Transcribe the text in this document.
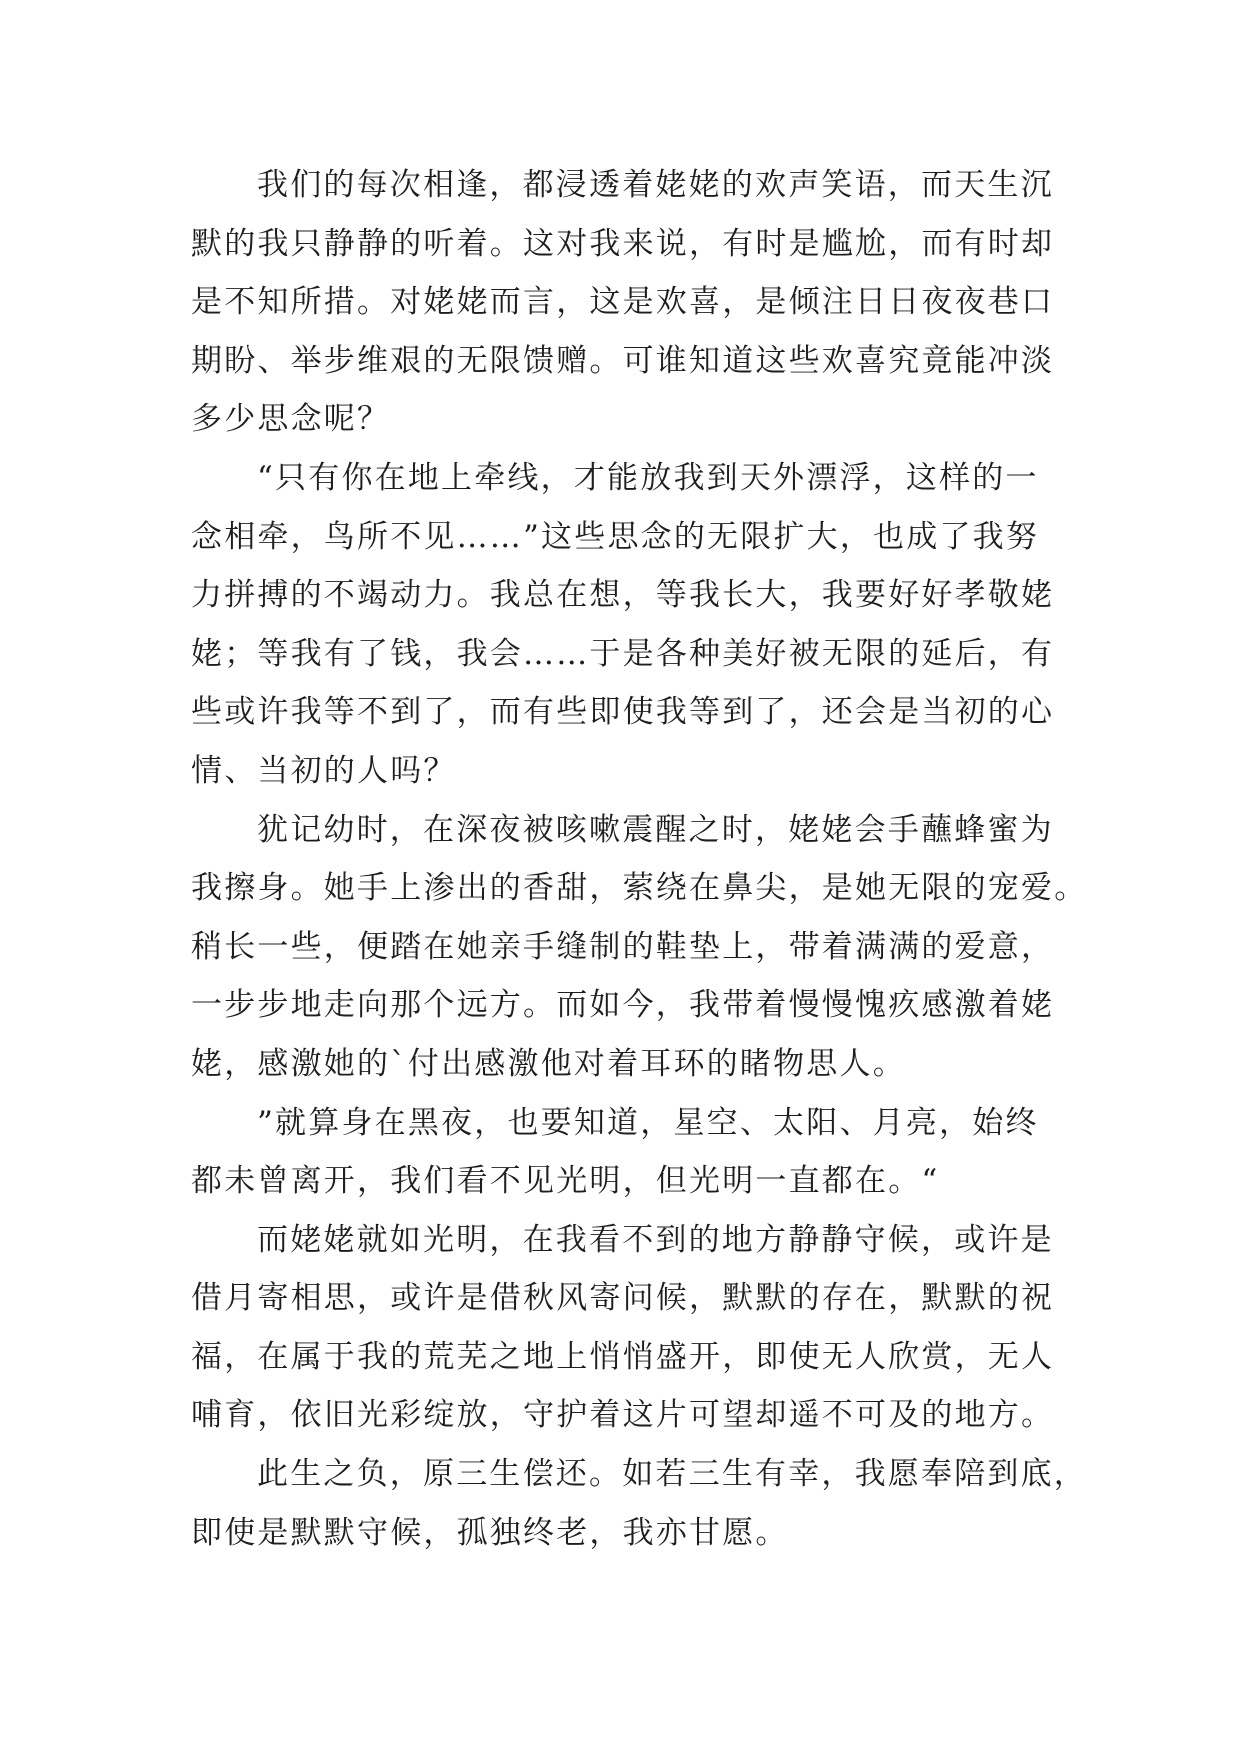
我们的每次相逢，都浸透着姥姥的欢声笑语，而天生沉
默的我只静静的听着。这对我来说，有时是尴尬，而有时却
是不知所措。对姥姥而言，这是欢喜，是倾注日日夜夜巷口
期盼、举步维艰的无限馈赠。可谁知道这些欢喜究竟能冲淡
多少思念呢？
“只有你在地上牵线，才能放我到天外漂浮，这样的一
念相牵，鸟所不见……”这些思念的无限扩大，也成了我努
力拼搏的不竭动力。我总在想，等我长大，我要好好孝敬姥
姥；等我有了钱，我会……于是各种美好被无限的延后，有
些或许我等不到了，而有些即使我等到了，还会是当初的心
情、当初的人吗？
犹记幼时，在深夜被咳嗽震醒之时，姥姥会手蘸蜂蜜为
我擦身。她手上渗出的香甜，萦绕在鼻尖，是她无限的宠爱。
稍长一些，便踏在她亲手缝制的鞋垫上，带着满满的爱意，
一步步地走向那个远方。而如今，我带着慢慢愧疚感激着姥
姥，感激她的`付出感激他对着耳环的睹物思人。
”就算身在黑夜，也要知道，星空、太阳、月亮，始终
都未曾离开，我们看不见光明，但光明一直都在。“
而姥姥就如光明，在我看不到的地方静静守候，或许是
借月寄相思，或许是借秋风寄问候，默默的存在，默默的祝
福，在属于我的荒芜之地上悄悄盛开，即使无人欣赏，无人
哺育，依旧光彩绽放，守护着这片可望却遥不可及的地方。
此生之负，原三生偿还。如若三生有幸，我愿奉陪到底，
即使是默默守候，孤独终老，我亦甘愿。
